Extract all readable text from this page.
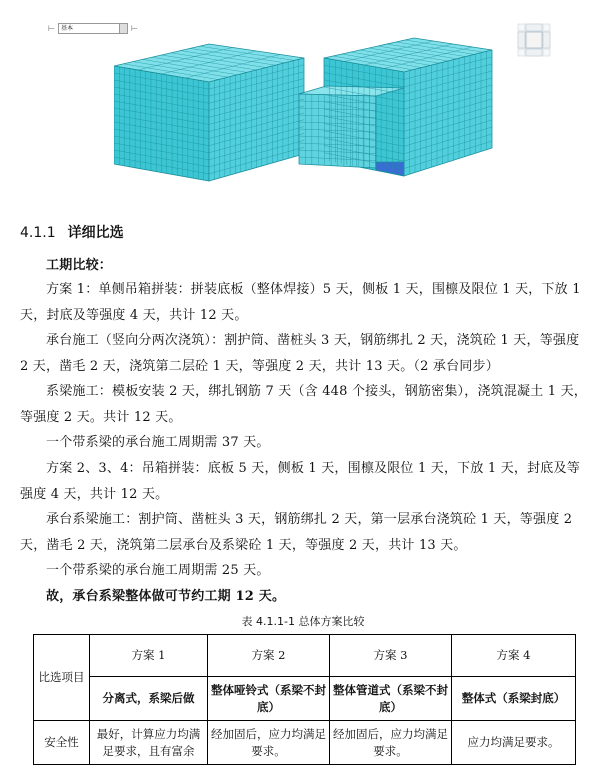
⊢	基本	⊢
4.1.1 详细比选

工期比较：

方案 1：单侧吊箱拼装：拼装底板（整体焊接）5 天，侧板 1 天，围檩及限位 1 天，下放 1 天，封底及等强度 4 天，共计 12 天。

承台施工（竖向分两次浇筑）：割护筒、凿桩头 3 天，钢筋绑扎 2 天，浇筑砼 1 天，等强度 2 天，凿毛 2 天，浇筑第二层砼 1 天，等强度 2 天，共计 13 天。（2 承台同步）

系梁施工：模板安装 2 天，绑扎钢筋 7 天（含 448 个接头，钢筋密集），浇筑混凝土 1 天，等强度 2 天。共计 12 天。

一个带系梁的承台施工周期需 37 天。

方案 2、3、4：吊箱拼装：底板 5 天，侧板 1 天，围檩及限位 1 天，下放 1 天，封底及等强度 4 天，共计 12 天。

承台系梁施工：割护筒、凿桩头 3 天，钢筋绑扎 2 天，第一层承台浇筑砼 1 天，等强度 2 天，凿毛 2 天，浇筑第二层承台及系梁砼 1 天，等强度 2 天，共计 13 天。

一个带系梁的承台施工周期需 25 天。

故，承台系梁整体做可节约工期 12 天。

表 4.1.1-1 总体方案比较
比选项目	方案 1	方案 2	方案 3	方案 4
	分离式，系梁后做	整体哑铃式（系梁不封底）	整体管道式（系梁不封底）	整体式（系梁封底）
安全性	最好，计算应力均满足要求，且有富余	经加固后，应力均满足要求。	经加固后，应力均满足要求。	应力均满足要求。
